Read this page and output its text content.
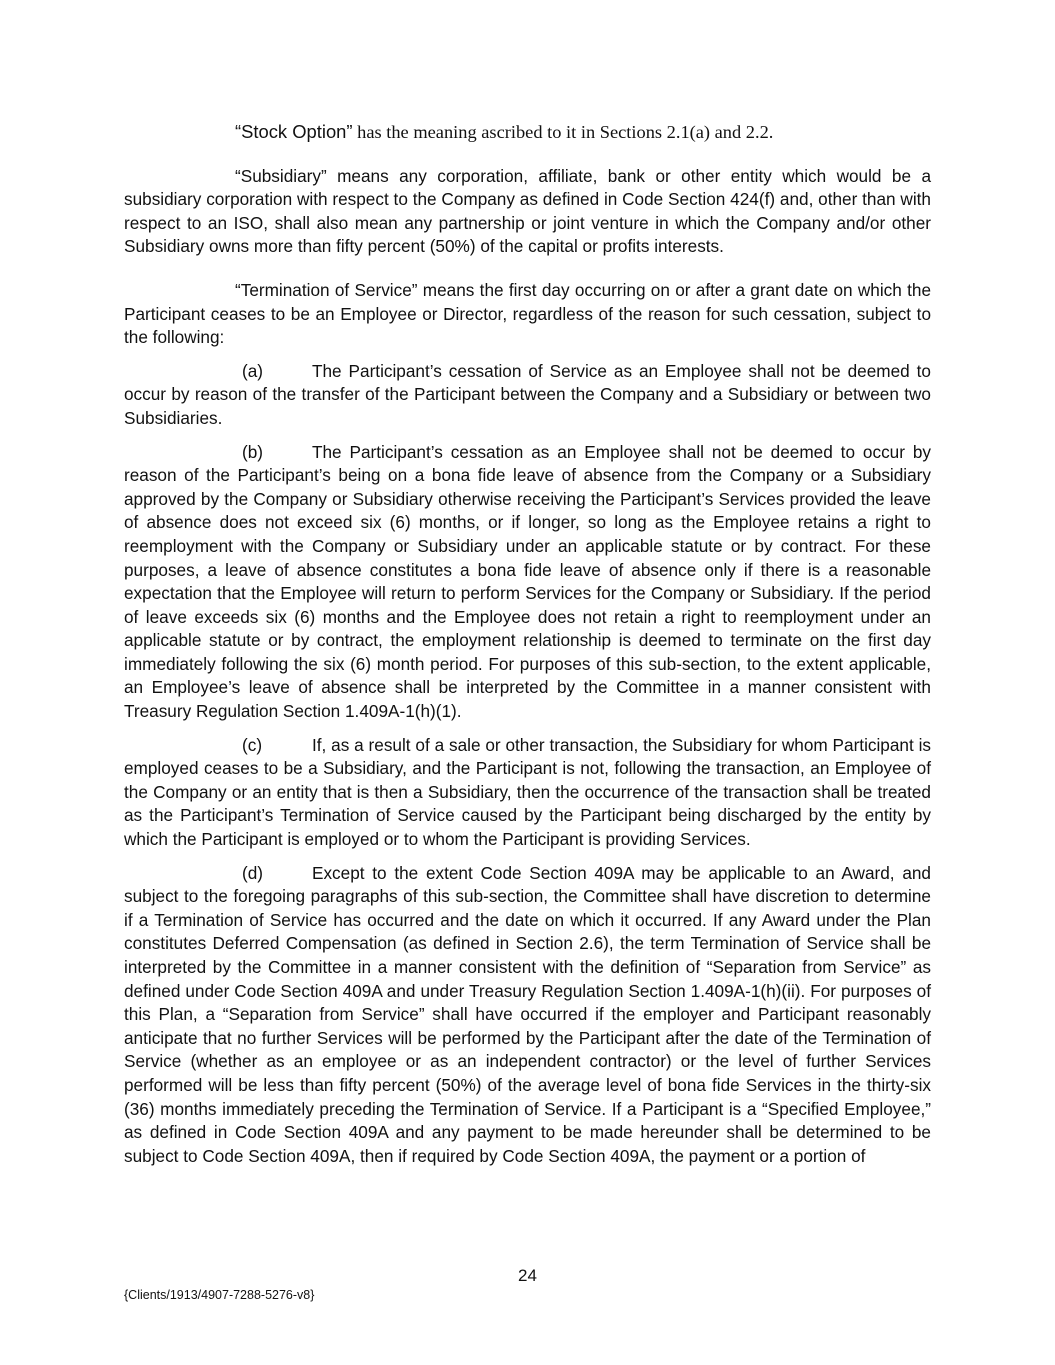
“Stock Option” has the meaning ascribed to it in Sections 2.1(a) and 2.2.

“Subsidiary” means any corporation, affiliate, bank or other entity which would be a subsidiary corporation with respect to the Company as defined in Code Section 424(f) and, other than with respect to an ISO, shall also mean any partnership or joint venture in which the Company and/or other Subsidiary owns more than fifty percent (50%) of the capital or profits interests.

“Termination of Service” means the first day occurring on or after a grant date on which the Participant ceases to be an Employee or Director, regardless of the reason for such cessation, subject to the following:

(a)	The Participant’s cessation of Service as an Employee shall not be deemed to occur by reason of the transfer of the Participant between the Company and a Subsidiary or between two Subsidiaries.

(b)	The Participant’s cessation as an Employee shall not be deemed to occur by reason of the Participant’s being on a bona fide leave of absence from the Company or a Subsidiary approved by the Company or Subsidiary otherwise receiving the Participant’s Services provided the leave of absence does not exceed six (6) months, or if longer, so long as the Employee retains a right to reemployment with the Company or Subsidiary under an applicable statute or by contract. For these purposes, a leave of absence constitutes a bona fide leave of absence only if there is a reasonable expectation that the Employee will return to perform Services for the Company or Subsidiary. If the period of leave exceeds six (6) months and the Employee does not retain a right to reemployment under an applicable statute or by contract, the employment relationship is deemed to terminate on the first day immediately following the six (6) month period. For purposes of this sub-section, to the extent applicable, an Employee’s leave of absence shall be interpreted by the Committee in a manner consistent with Treasury Regulation Section 1.409A-1(h)(1).

(c)	If, as a result of a sale or other transaction, the Subsidiary for whom Participant is employed ceases to be a Subsidiary, and the Participant is not, following the transaction, an Employee of the Company or an entity that is then a Subsidiary, then the occurrence of the transaction shall be treated as the Participant’s Termination of Service caused by the Participant being discharged by the entity by which the Participant is employed or to whom the Participant is providing Services.

(d)	Except to the extent Code Section 409A may be applicable to an Award, and subject to the foregoing paragraphs of this sub-section, the Committee shall have discretion to determine if a Termination of Service has occurred and the date on which it occurred. If any Award under the Plan constitutes Deferred Compensation (as defined in Section 2.6), the term Termination of Service shall be interpreted by the Committee in a manner consistent with the definition of “Separation from Service” as defined under Code Section 409A and under Treasury Regulation Section 1.409A-1(h)(ii). For purposes of this Plan, a “Separation from Service” shall have occurred if the employer and Participant reasonably anticipate that no further Services will be performed by the Participant after the date of the Termination of Service (whether as an employee or as an independent contractor) or the level of further Services performed will be less than fifty percent (50%) of the average level of bona fide Services in the thirty-six (36) months immediately preceding the Termination of Service. If a Participant is a “Specified Employee,” as defined in Code Section 409A and any payment to be made hereunder shall be determined to be subject to Code Section 409A, then if required by Code Section 409A, the payment or a portion of

24
{Clients/1913/4907-7288-5276-v8}
